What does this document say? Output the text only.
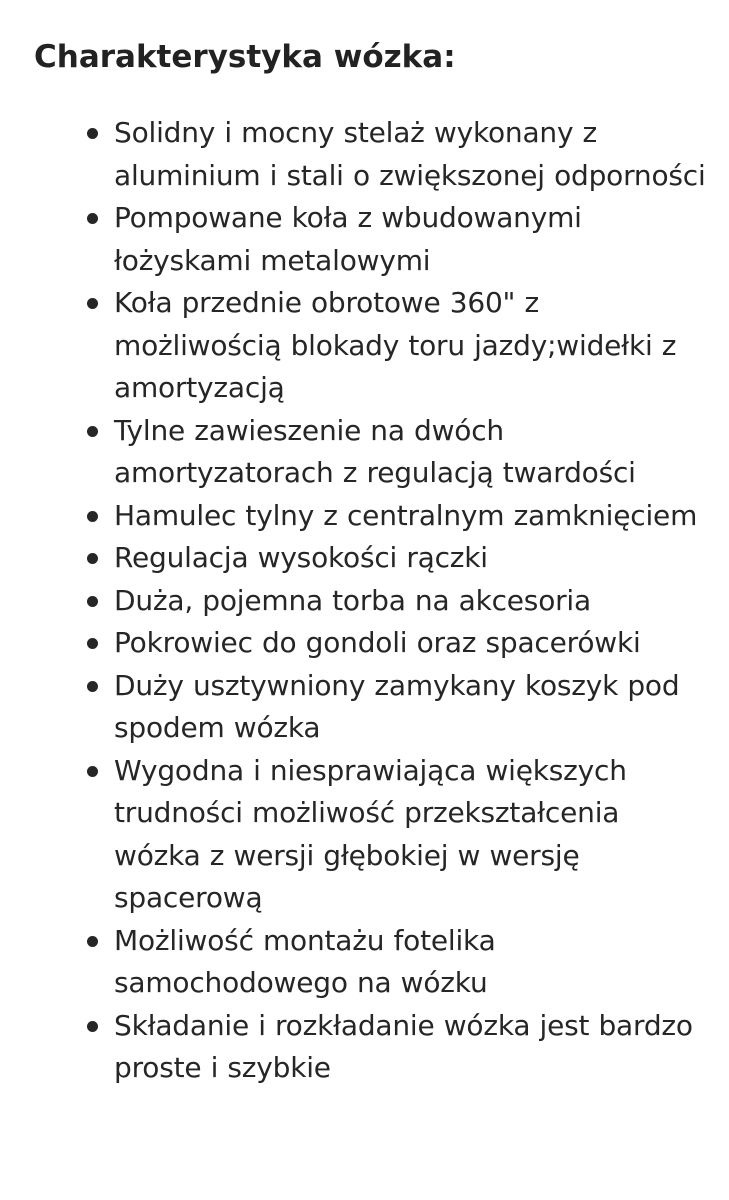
Charakterystyka wózka:
Solidny i mocny stelaż wykonany z aluminium i stali o zwiększonej odporności
Pompowane koła z wbudowanymi łożyskami metalowymi
Koła przednie obrotowe 360" z możliwością blokady toru jazdy;widełki z amortyzacją
Tylne zawieszenie na dwóch amortyzatorach z regulacją twardości
Hamulec tylny z centralnym zamknięciem
Regulacja wysokości rączki
Duża, pojemna torba na akcesoria
Pokrowiec do gondoli oraz spacerówki
Duży usztywniony zamykany koszyk pod spodem wózka
Wygodna i niesprawiająca większych trudności możliwość przekształcenia wózka z wersji głębokiej w wersję spacerową
Możliwość montażu fotelika samochodowego na wózku
Składanie i rozkładanie wózka jest bardzo proste i szybkie
